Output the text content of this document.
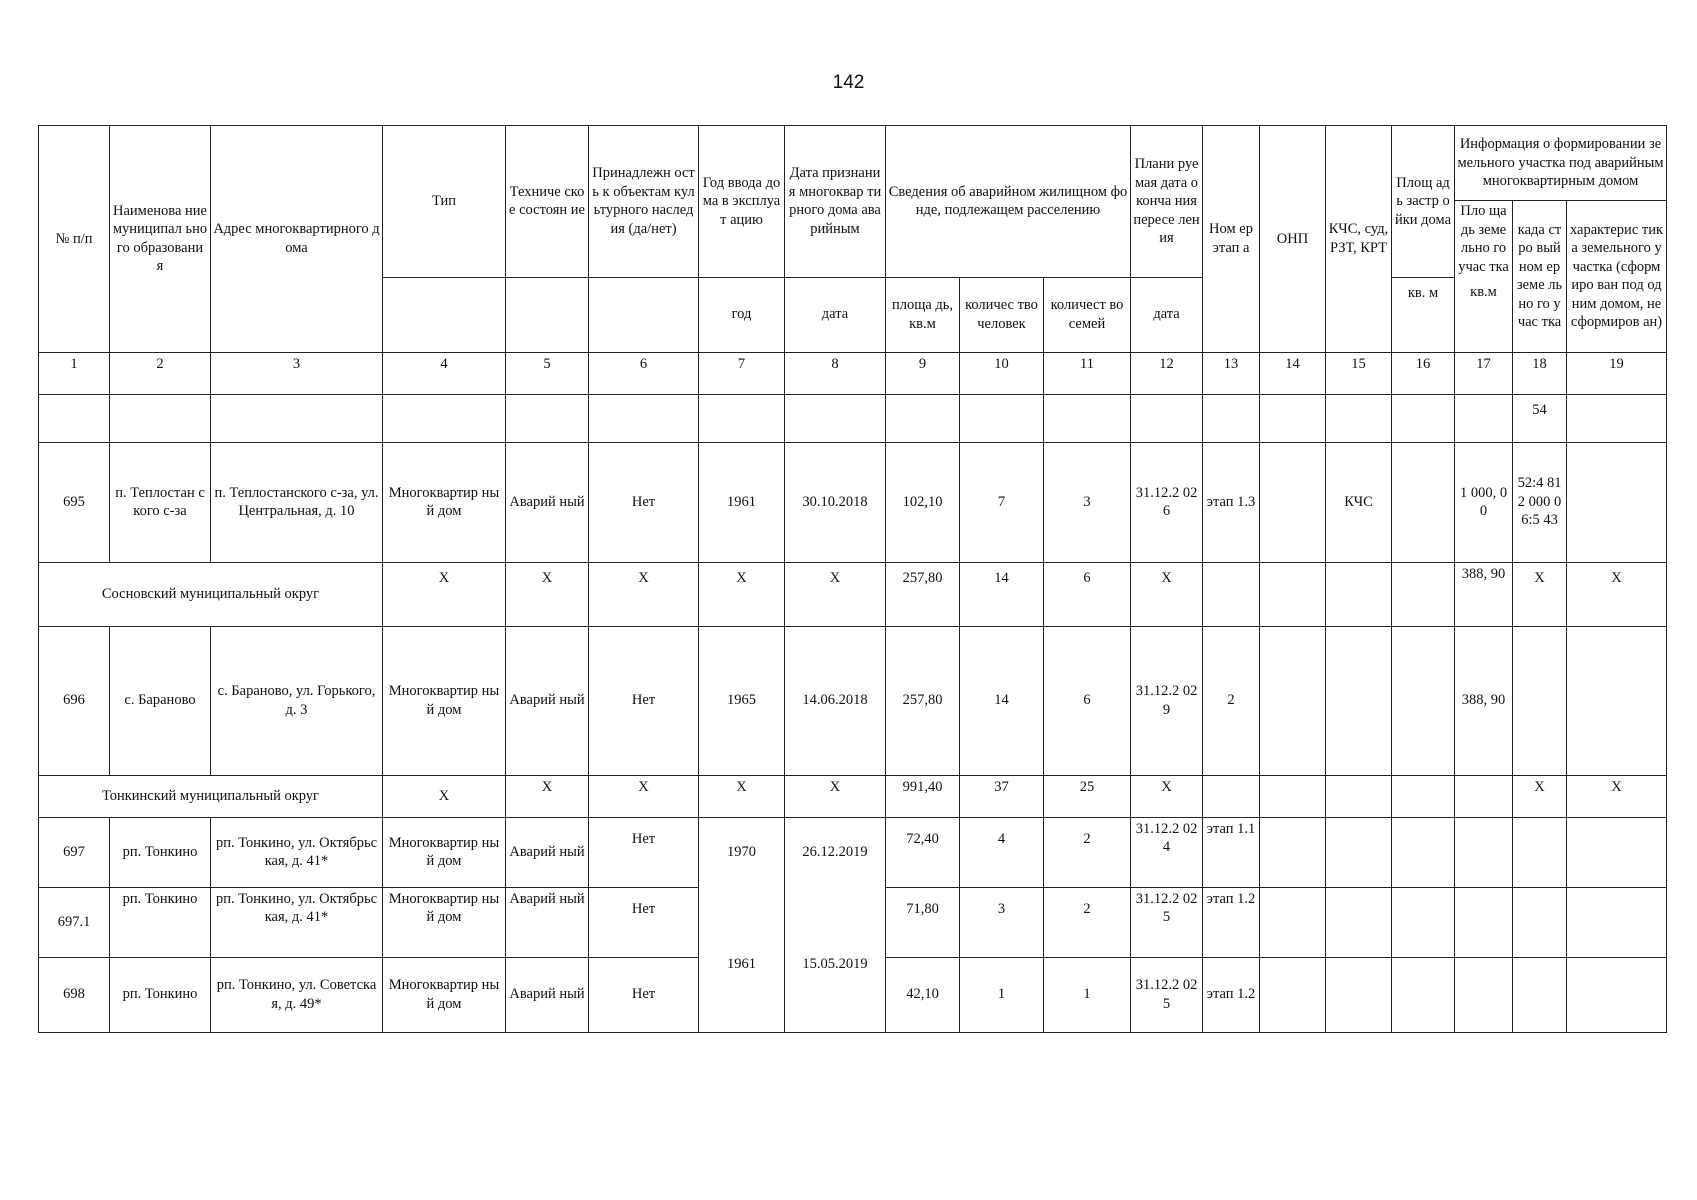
142
№ п/п	Наименова ние муниципал ьного образовани я	Адрес многоквартирного дома	Тип	Техниче ское состоян ие	Принадлежн ость к объектам культурного наследия (да/нет)	Год ввода дома в эксплуат ацию	Дата признания многоквар тирного дома аварийным	Сведения об аварийном жилищном фонде, подлежащем расселению			Плани руемая дата оконча ния пересе ления	Ном ер этап а	ОНП	КЧС, суд, РЗТ, КРТ	Площ адь застр ойки дома	Информация о формировании земельного участка под аварийным многоквартирным домом		
																Пло щадь земе льно го учас тка	када стро вый ном ер земе льно го учас тка	характерис тика земельного участка (сформиро ван под одним домом, не сформиров ан)
						год	дата	площа дь, кв.м	количес тво человек	количест во семей	дата				кв. м	кв.м		
1	2	3	4	5	6	7	8	9	10	11	12	13	14	15	16	17	18	19
																	54	
695	п. Теплостан ского с-за	п. Теплостанского с-за, ул. Центральная, д. 10	Многоквартир ный дом	Аварий ный	Нет	1961	30.10.2018	102,10	7	3	31.12.2 026	этап 1.3		КЧС		1 000, 00	52:4 812 000 06:5 43	
Сосновский муниципальный округ			Х	Х	Х	Х	Х	257,80	14	6	Х					388, 90	Х	Х
696	с. Бараново	с. Бараново, ул. Горького, д. 3	Многоквартир ный дом	Аварий ный	Нет	1965	14.06.2018	257,80	14	6	31.12.2 029	2				388, 90		
Тонкинский муниципальный округ			Х	Х	Х	Х	Х	991,40	37	25	Х						Х	Х
697	рп. Тонкино	рп. Тонкино, ул. Октябрьская, д. 41*	Многоквартир ный дом	Аварий ный	Нет	1970	26.12.2019	72,40	4	2	31.12.2 024	этап 1.1						
697.1	рп. Тонкино	рп. Тонкино, ул. Октябрьская, д. 41*	Многоквартир ный дом	Аварий ный	Нет			71,80	3	2	31.12.2 025	этап 1.2						
698	рп. Тонкино	рп. Тонкино, ул. Советская, д. 49*	Многоквартир ный дом	Аварий ный	Нет	1961	15.05.2019	42,10	1	1	31.12.2 025	этап 1.2						
